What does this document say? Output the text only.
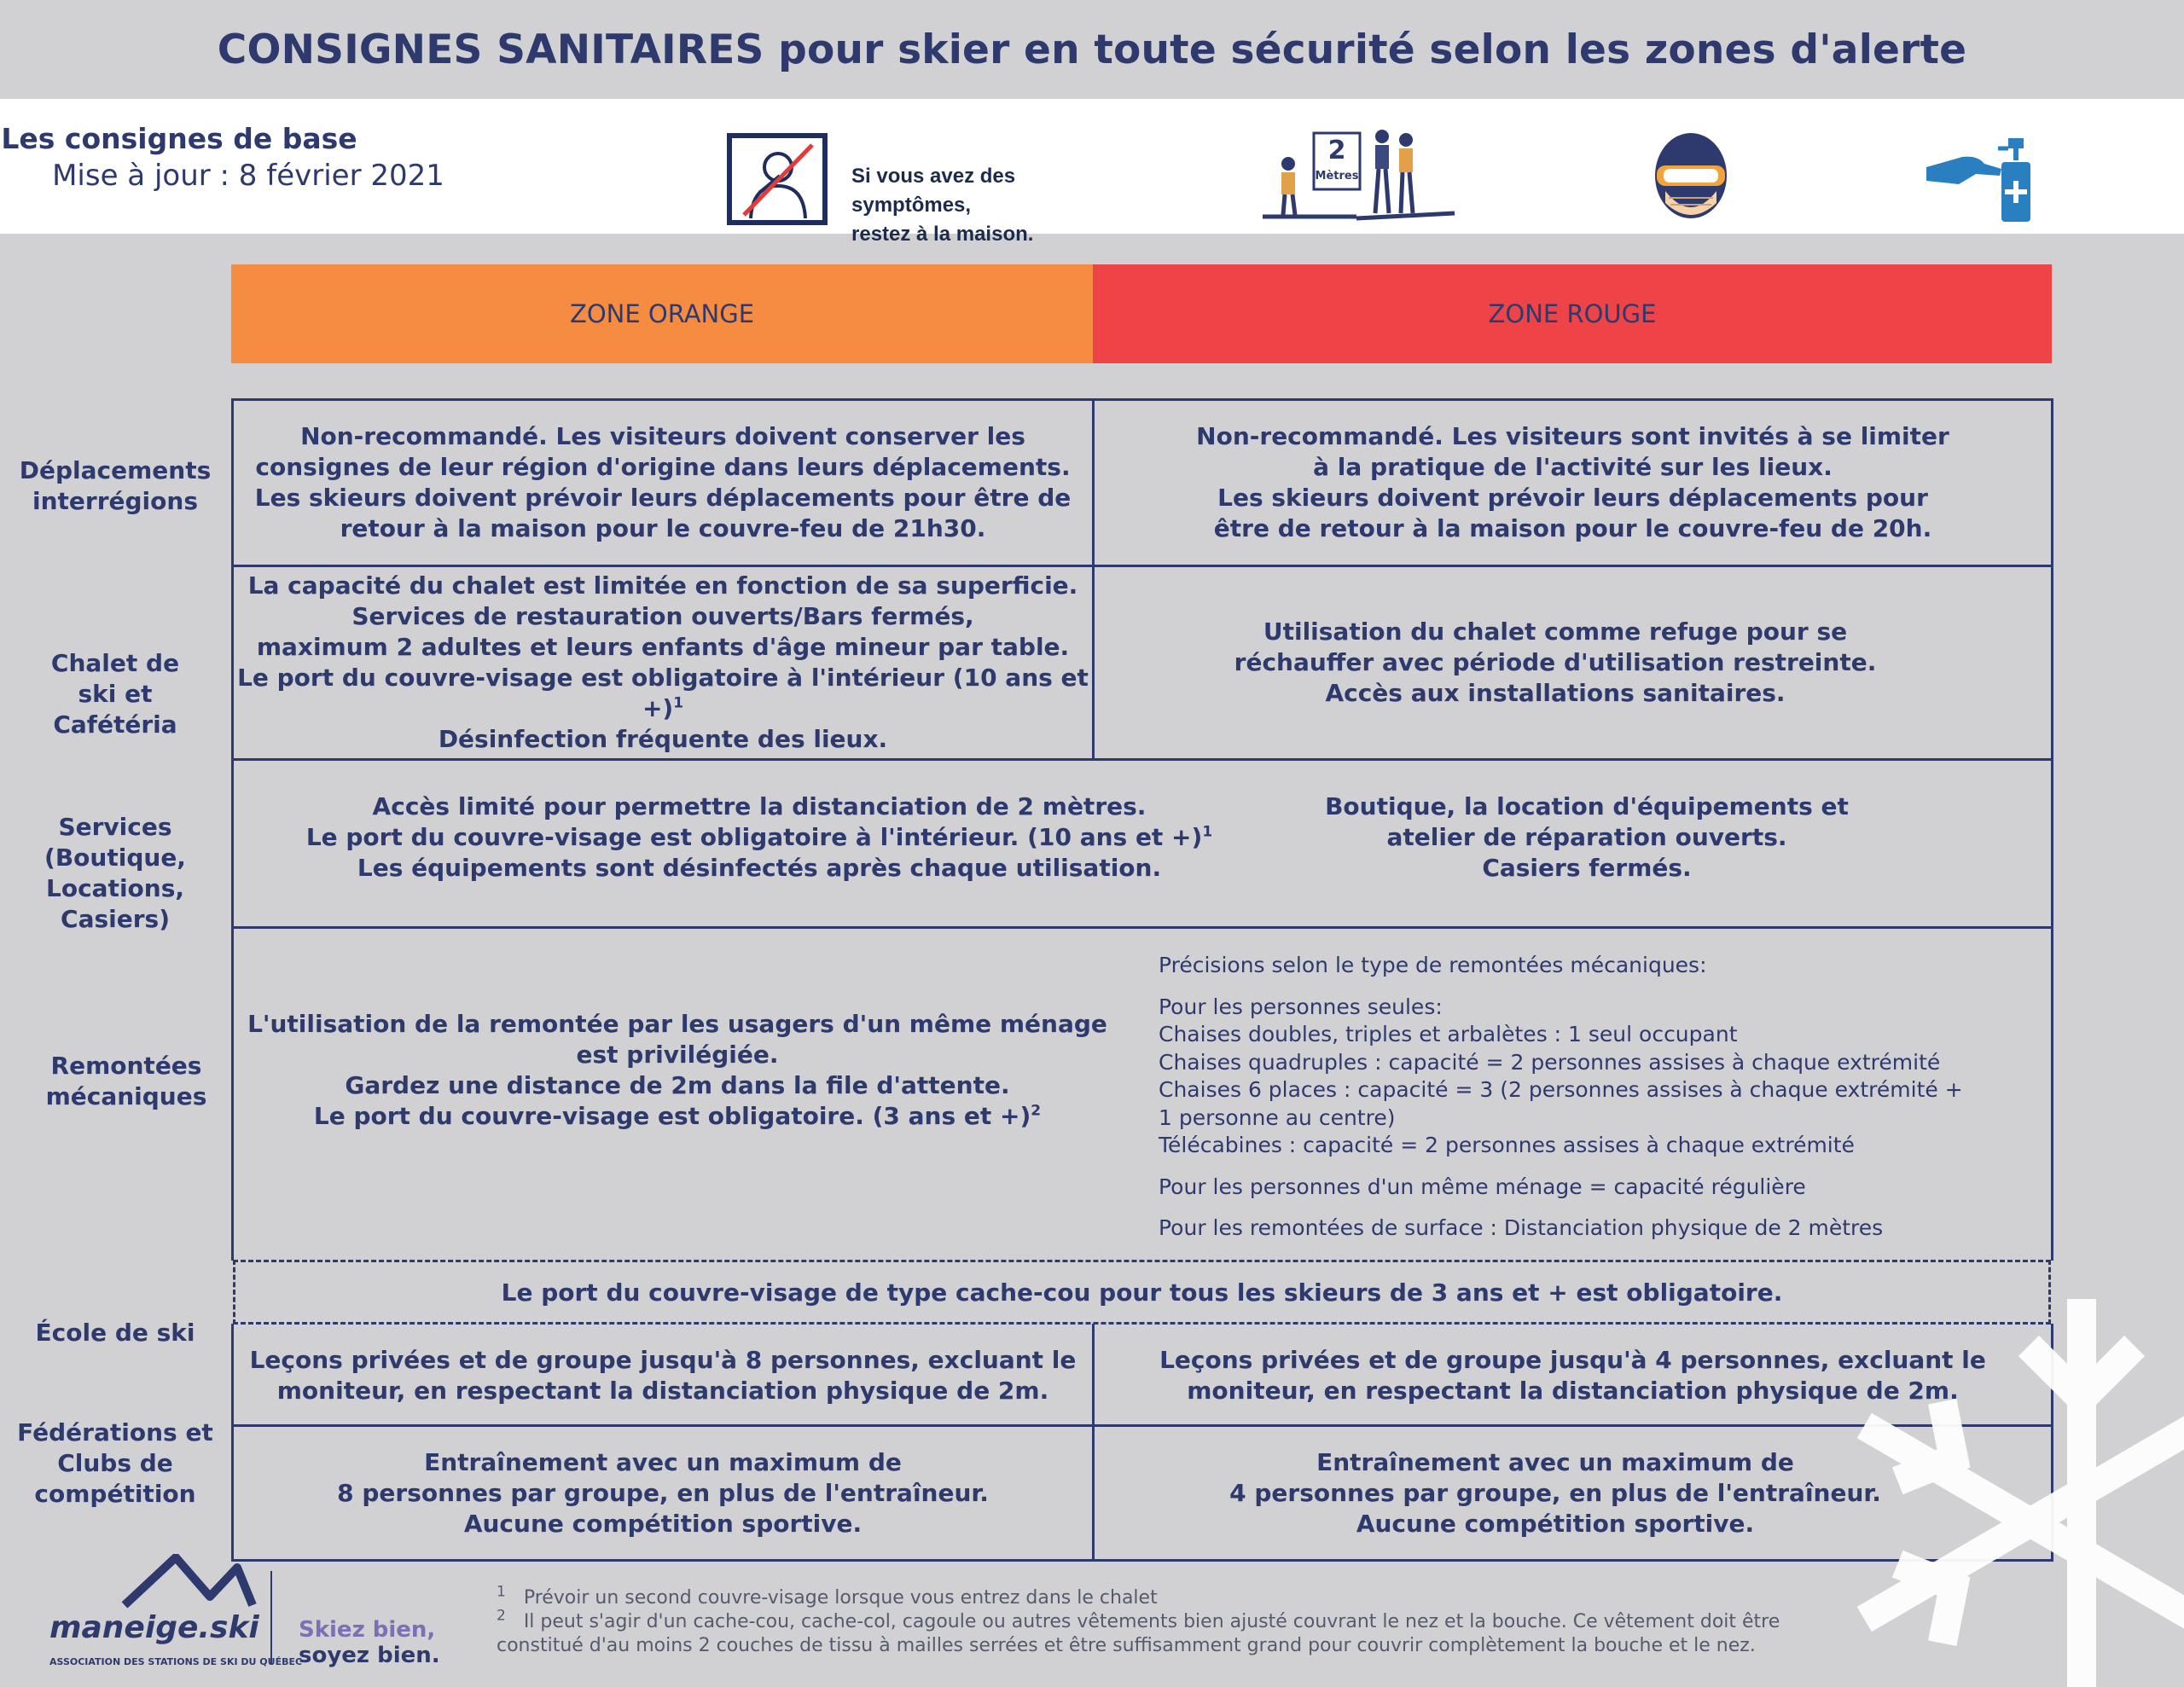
CONSIGNES SANITAIRES pour skier en toute sécurité selon les zones d'alerte
Les consignes de base
Mise à jour : 8 février 2021	Si vous avez des symptômes,
restez à la maison.
2
Mètres
ZONE ORANGE	ZONE ROUGE
Déplacements
interrégions
Non-recommandé. Les visiteurs doivent conserver les
consignes de leur région d'origine dans leurs déplacements.
Les skieurs doivent prévoir leurs déplacements pour être de
retour à la maison pour le couvre-feu de 21h30.
Non-recommandé. Les visiteurs sont invités à se limiter
à la pratique de l'activité sur les lieux.
Les skieurs doivent prévoir leurs déplacements pour
être de retour à la maison pour le couvre-feu de 20h.
Chalet de
ski et
Cafétéria
La capacité du chalet est limitée en fonction de sa superficie.
Services de restauration ouverts/Bars fermés,
maximum 2 adultes et leurs enfants d'âge mineur par table.
Le port du couvre-visage est obligatoire à l'intérieur (10 ans et +)$^1$
Désinfection fréquente des lieux.
Utilisation du chalet comme refuge pour se
réchauffer avec période d'utilisation restreinte.
Accès aux installations sanitaires.
Services
(Boutique,
Locations,
Casiers)
Accès limité pour permettre la distanciation de 2 mètres.
Le port du couvre-visage est obligatoire à l'intérieur. (10 ans et +)$^1$
Les équipements sont désinfectés après chaque utilisation.
Boutique, la location d'équipements et
atelier de réparation ouverts.
Casiers fermés.
Remontées
mécaniques
L'utilisation de la remontée par les usagers d'un même ménage
est privilégiée.
Gardez une distance de 2m dans la file d'attente.
Le port du couvre-visage est obligatoire. (3 ans et +)$^2$

Précisions selon le type de remontées mécaniques:

Pour les personnes seules:

Chaises doubles, triples et arbalètes : 1 seul occupant

Chaises quadruples : capacité = 2 personnes assises à chaque extrémité

Chaises 6 places : capacité = 3 (2 personnes assises à chaque extrémité +

1 personne au centre)

Télécabines : capacité = 2 personnes assises à chaque extrémité

Pour les personnes d'un même ménage = capacité régulière

Pour les remontées de surface : Distanciation physique de 2 mètres

Le port du couvre-visage de type cache-cou pour tous les skieurs de 3 ans et + est obligatoire.
École de ski
Leçons privées et de groupe jusqu'à 8 personnes, excluant le
moniteur, en respectant la distanciation physique de 2m.
Leçons privées et de groupe jusqu'à 4 personnes, excluant le
moniteur, en respectant la distanciation physique de 2m.
Fédérations et
Clubs de
compétition
Entraînement avec un maximum de
8 personnes par groupe, en plus de l'entraîneur.
Aucune compétition sportive.
Entraînement avec un maximum de
4 personnes par groupe, en plus de l'entraîneur.
Aucune compétition sportive.
maneige.ski
ASSOCIATION DES STATIONS DE SKI DU QUÉBEC
Skiez bien,
soyez bien.

$^1$ Prévoir un second couvre-visage lorsque vous entrez dans le chalet

$^2$ Il peut s'agir d'un cache-cou, cache-col, cagoule ou autres vêtements bien ajusté couvrant le nez et la bouche. Ce vêtement doit être

constitué d'au moins 2 couches de tissu à mailles serrées et être suffisamment grand pour couvrir complètement la bouche et le nez.
